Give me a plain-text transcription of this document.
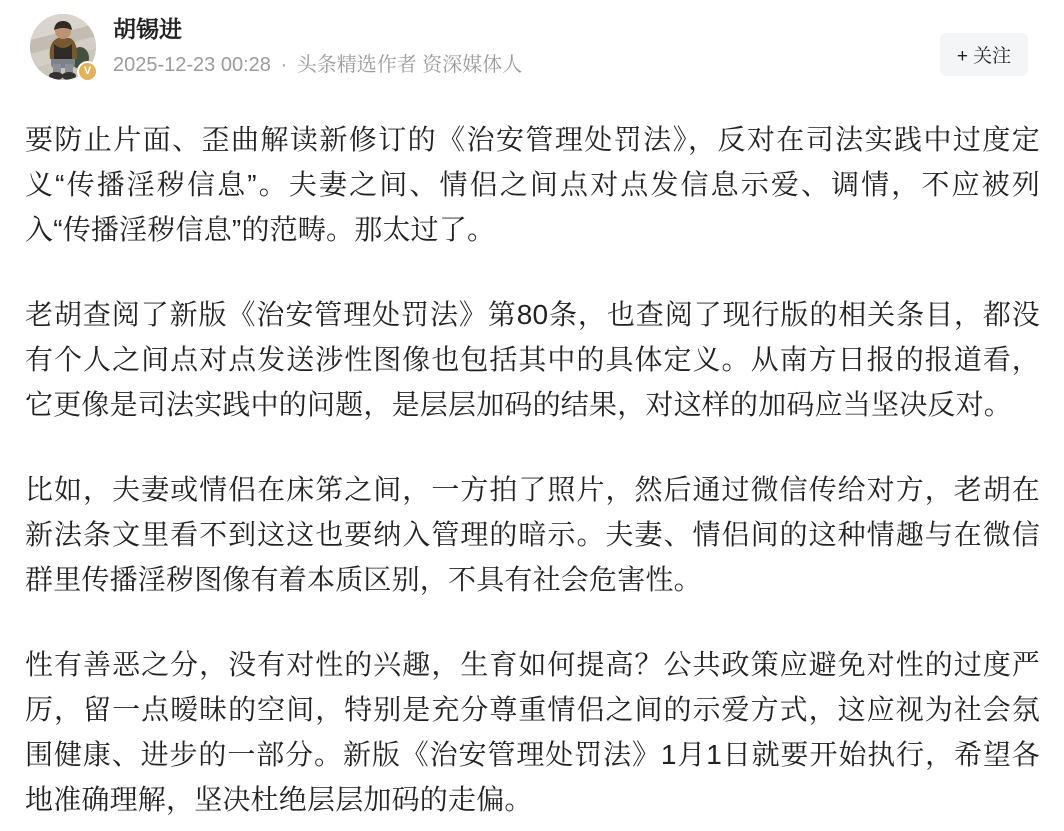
V
胡锡进
2025-12-23 00:28 · 头条精选作者 资深媒体人	+ 关注

要防止片面、歪曲解读新修订的《治安管理处罚法》，反对在司法实践中过度定义“传播淫秽信息”。夫妻之间、情侣之间点对点发信息示爱、调情，不应被列入“传播淫秽信息”的范畴。那太过了。

老胡查阅了新版《治安管理处罚法》第80条，也查阅了现行版的相关条目，都没有个人之间点对点发送涉性图像也包括其中的具体定义。从南方日报的报道看，它更像是司法实践中的问题，是层层加码的结果，对这样的加码应当坚决反对。

比如，夫妻或情侣在床笫之间，一方拍了照片，然后通过微信传给对方，老胡在新法条文里看不到这这也要纳入管理的暗示。夫妻、情侣间的这种情趣与在微信群里传播淫秽图像有着本质区别，不具有社会危害性。

性有善恶之分，没有对性的兴趣，生育如何提高？公共政策应避免对性的过度严厉，留一点暧昧的空间，特别是充分尊重情侣之间的示爱方式，这应视为社会氛围健康、进步的一部分。新版《治安管理处罚法》1月1日就要开始执行，希望各地准确理解，坚决杜绝层层加码的走偏。
